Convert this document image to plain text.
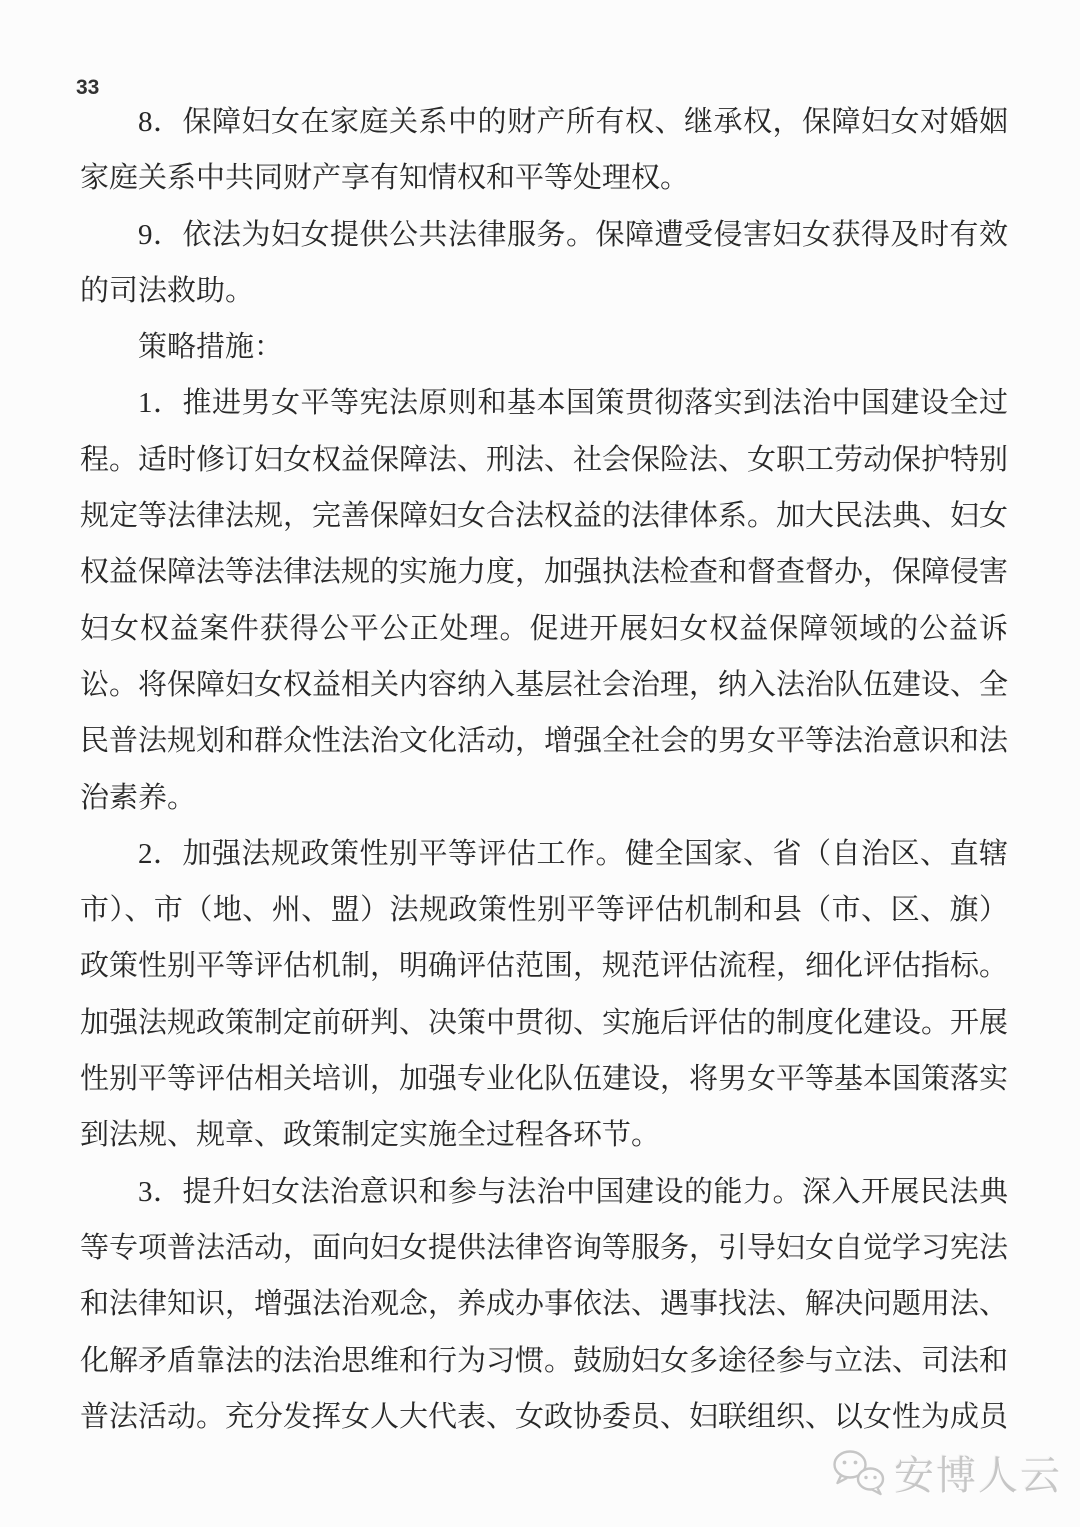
33

8．保障妇女在家庭关系中的财产所有权、继承权，保障妇女对婚姻家庭关系中共同财产享有知情权和平等处理权。

9．依法为妇女提供公共法律服务。保障遭受侵害妇女获得及时有效的司法救助。

策略措施：

1．推进男女平等宪法原则和基本国策贯彻落实到法治中国建设全过程。适时修订妇女权益保障法、刑法、社会保险法、女职工劳动保护特别规定等法律法规，完善保障妇女合法权益的法律体系。加大民法典、妇女权益保障法等法律法规的实施力度，加强执法检查和督查督办，保障侵害妇女权益案件获得公平公正处理。促进开展妇女权益保障领域的公益诉讼。将保障妇女权益相关内容纳入基层社会治理，纳入法治队伍建设、全民普法规划和群众性法治文化活动，增强全社会的男女平等法治意识和法治素养。

2．加强法规政策性别平等评估工作。健全国家、省（自治区、直辖市）、市（地、州、盟）法规政策性别平等评估机制和县（市、区、旗）政策性别平等评估机制，明确评估范围，规范评估流程，细化评估指标。加强法规政策制定前研判、决策中贯彻、实施后评估的制度化建设。开展性别平等评估相关培训，加强专业化队伍建设，将男女平等基本国策落实到法规、规章、政策制定实施全过程各环节。

3．提升妇女法治意识和参与法治中国建设的能力。深入开展民法典等专项普法活动，面向妇女提供法律咨询等服务，引导妇女自觉学习宪法和法律知识，增强法治观念，养成办事依法、遇事找法、解决问题用法、化解矛盾靠法的法治思维和行为习惯。鼓励妇女多途径参与立法、司法和普法活动。充分发挥女人大代表、女政协委员、妇联组织、以女性为成员

安博人云
